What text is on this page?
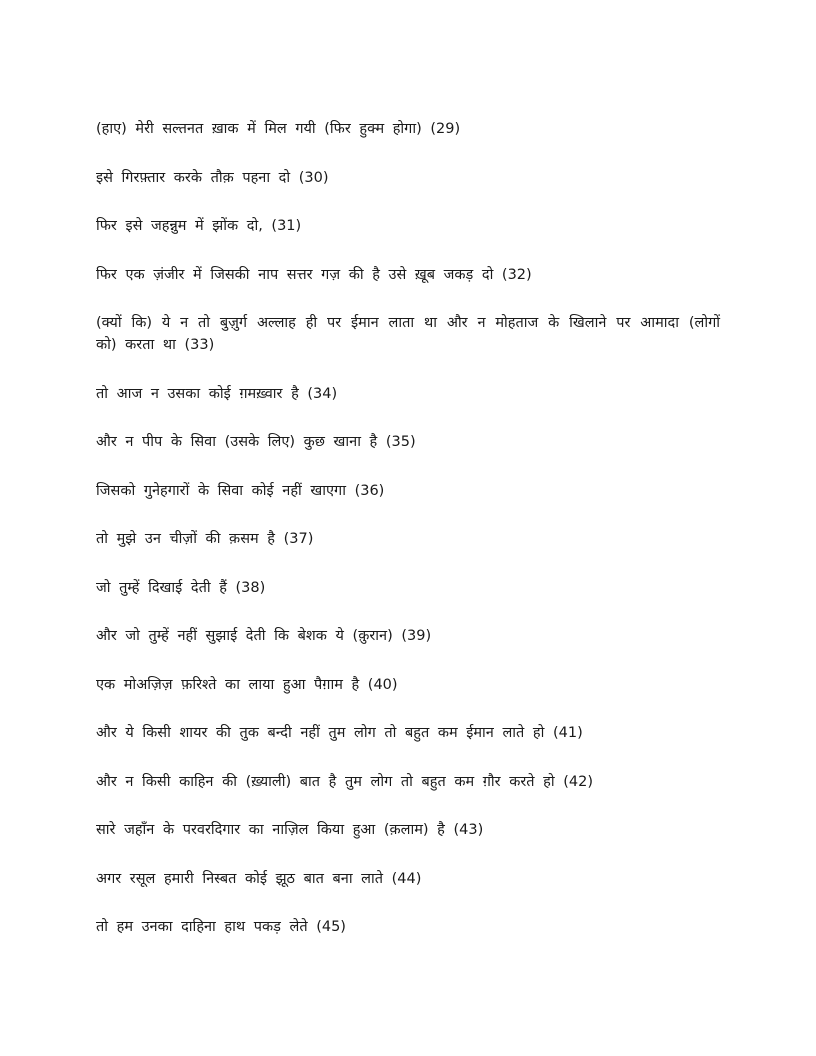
(हाए) मेरी सल्तनत ख़ाक में मिल गयी (फिर हुक्म होगा) (29)

इसे गिरफ़्तार करके तौक़ पहना दो (30)

फिर इसे जहन्नुम में झोंक दो, (31)

फिर एक ज़ंजीर में जिसकी नाप सत्तर गज़ की है उसे ख़ूब जकड़ दो (32)

(क्यों कि) ये न तो बुज़ुर्ग अल्लाह ही पर ईमान लाता था और न मोहताज के खिलाने पर आमादा (लोगों को) करता था (33)

तो आज न उसका कोई ग़मख़्वार है (34)

और न पीप के सिवा (उसके लिए) कुछ खाना है (35)

जिसको गुनेहगारों के सिवा कोई नहीं खाएगा (36)

तो मुझे उन चीज़ों की क़सम है (37)

जो तुम्हें दिखाई देती हैं (38)

और जो तुम्हें नहीं सुझाई देती कि बेशक ये (क़ुरान) (39)

एक मोअज़िज़ फ़रिश्ते का लाया हुआ पैग़ाम है (40)

और ये किसी शायर की तुक बन्दी नहीं तुम लोग तो बहुत कम ईमान लाते हो (41)

और न किसी काहिन की (ख़्याली) बात है तुम लोग तो बहुत कम ग़ौर करते हो (42)

सारे जहाँन के परवरदिगार का नाज़िल किया हुआ (क़लाम) है (43)

अगर रसूल हमारी निस्बत कोई झूठ बात बना लाते (44)

तो हम उनका दाहिना हाथ पकड़ लेते (45)
